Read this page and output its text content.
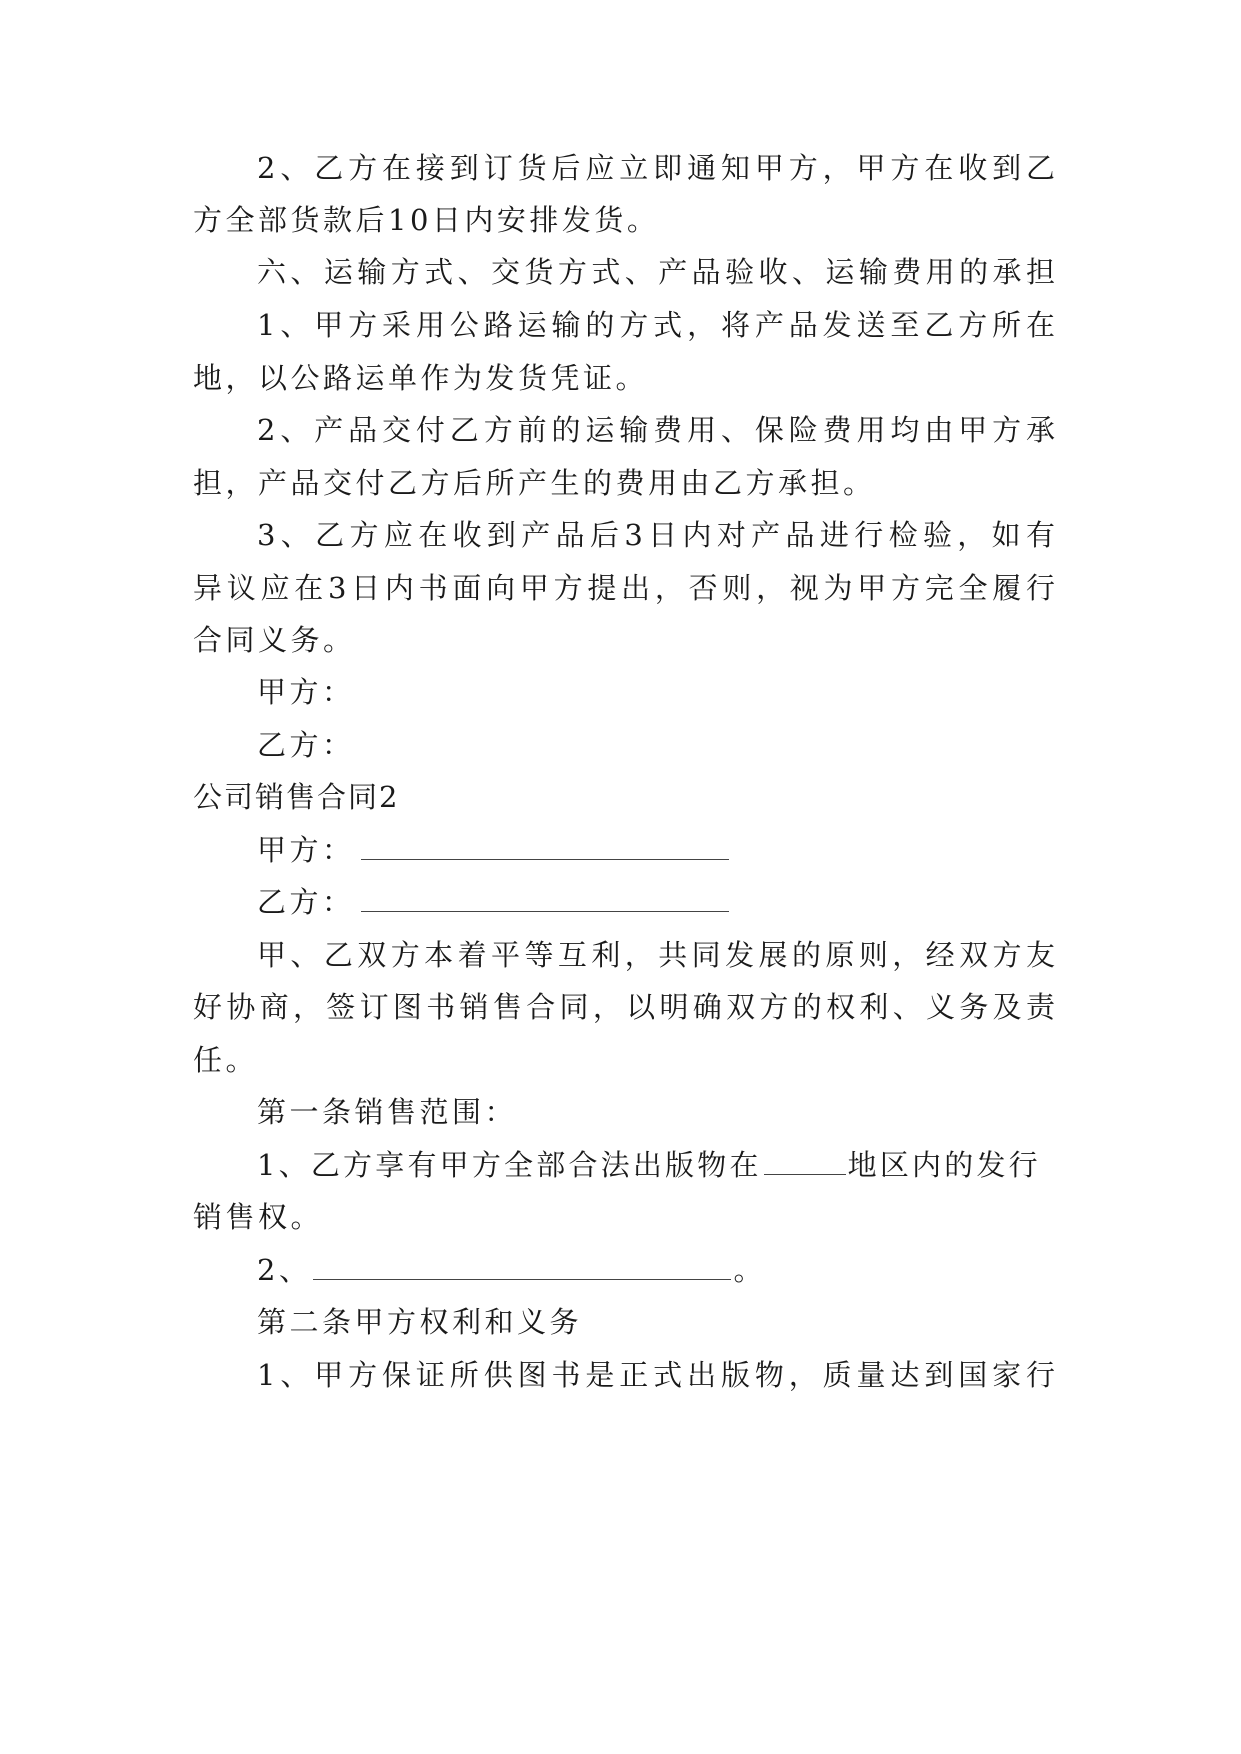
2、乙方在接到订货后应立即通知甲方，甲方在收到乙
方全部货款后10日内安排发货。
六、运输方式、交货方式、产品验收、运输费用的承担
1、甲方采用公路运输的方式，将产品发送至乙方所在
地，以公路运单作为发货凭证。
2、产品交付乙方前的运输费用、保险费用均由甲方承
担，产品交付乙方后所产生的费用由乙方承担。
3、乙方应在收到产品后3日内对产品进行检验，如有
异议应在3日内书面向甲方提出，否则，视为甲方完全履行
合同义务。
甲方：
乙方：
公司销售合同2
甲方：
乙方：
甲、乙双方本着平等互利，共同发展的原则，经双方友
好协商，签订图书销售合同，以明确双方的权利、义务及责
任。
第一条销售范围：
1、乙方享有甲方全部合法出版物在	地区内的发行
销售权。
2、	。
第二条甲方权利和义务
1、甲方保证所供图书是正式出版物，质量达到国家行
